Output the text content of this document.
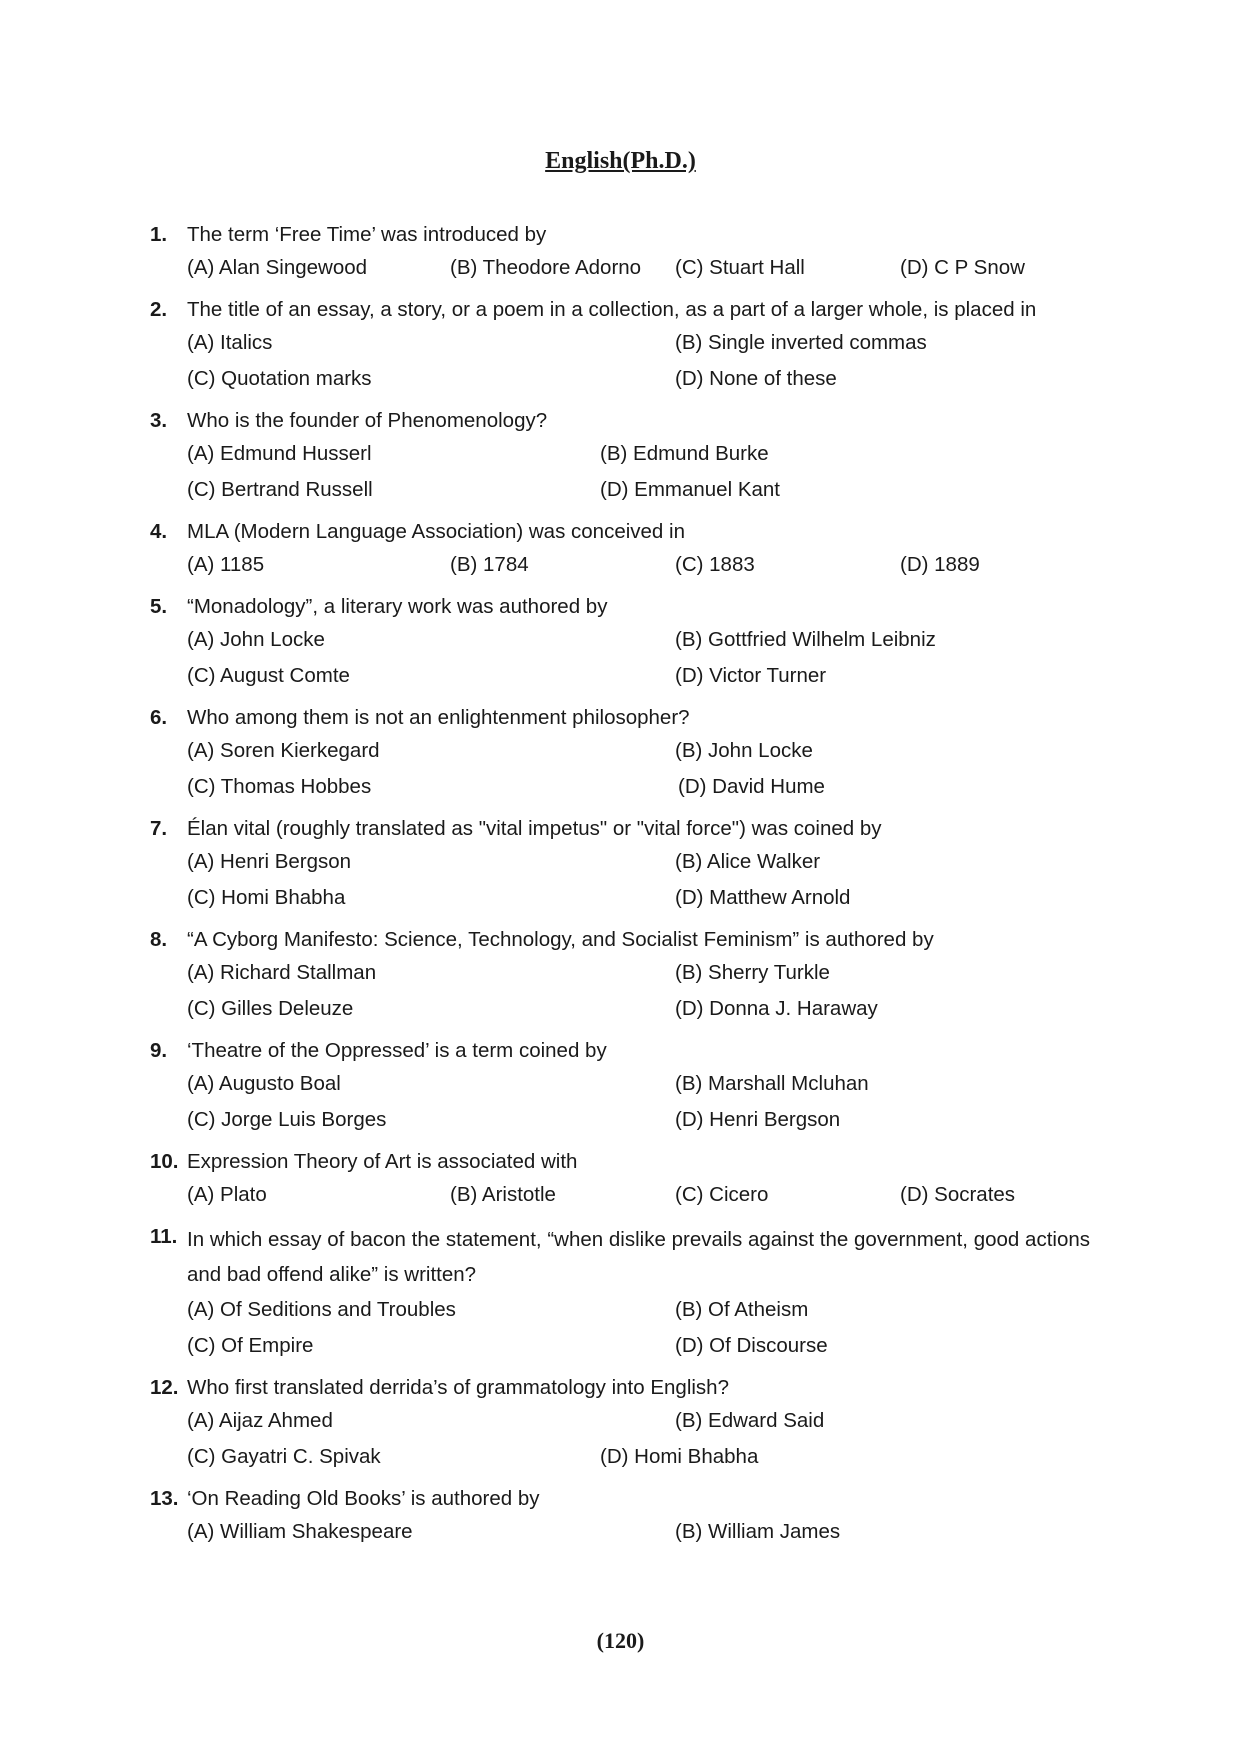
English(Ph.D.)
1. The term ‘Free Time’ was introduced by
(A) Alan Singewood	(B) Theodore Adorno (C) Stuart Hall	(D) C P Snow
2. The title of an essay, a story, or a poem in a collection, as a part of a larger whole, is placed in
(A) Italics	(B) Single inverted commas
(C) Quotation marks	(D) None of these
3. Who is the founder of Phenomenology?
(A) Edmund Husserl	(B) Edmund Burke
(C) Bertrand Russell	(D) Emmanuel Kant
4. MLA (Modern Language Association) was conceived in
(A) 1185	(B) 1784	(C) 1883	(D) 1889
5. “Monadology”, a literary work was authored by
(A) John Locke	(B) Gottfried Wilhelm Leibniz
(C) August Comte	(D) Victor Turner
6. Who among them is not an enlightenment philosopher?
(A) Soren Kierkegard	(B) John Locke
(C) Thomas Hobbes	(D) David Hume
7. Élan vital (roughly translated as "vital impetus" or "vital force") was coined by
(A) Henri Bergson	(B) Alice Walker
(C) Homi Bhabha	(D) Matthew Arnold
8. “A Cyborg Manifesto: Science, Technology, and Socialist Feminism” is authored by
(A) Richard Stallman	(B) Sherry Turkle
(C) Gilles Deleuze	(D) Donna J. Haraway
9. ‘Theatre of the Oppressed’ is a term coined by
(A) Augusto Boal	(B) Marshall Mcluhan
(C) Jorge Luis Borges	(D) Henri Bergson
10. Expression Theory of Art is associated with
(A) Plato	(B) Aristotle	(C) Cicero	(D) Socrates
11. In which essay of bacon the statement, “when dislike prevails against the government, good actions and bad offend alike” is written?
(A) Of Seditions and Troubles	(B) Of Atheism
(C) Of Empire	(D) Of Discourse
12. Who first translated derrida’s of grammatology into English?
(A) Aijaz Ahmed	(B) Edward Said
(C) Gayatri C. Spivak	(D) Homi Bhabha
13. ‘On Reading Old Books’ is authored by
(A) William Shakespeare	(B) William James
(120)
